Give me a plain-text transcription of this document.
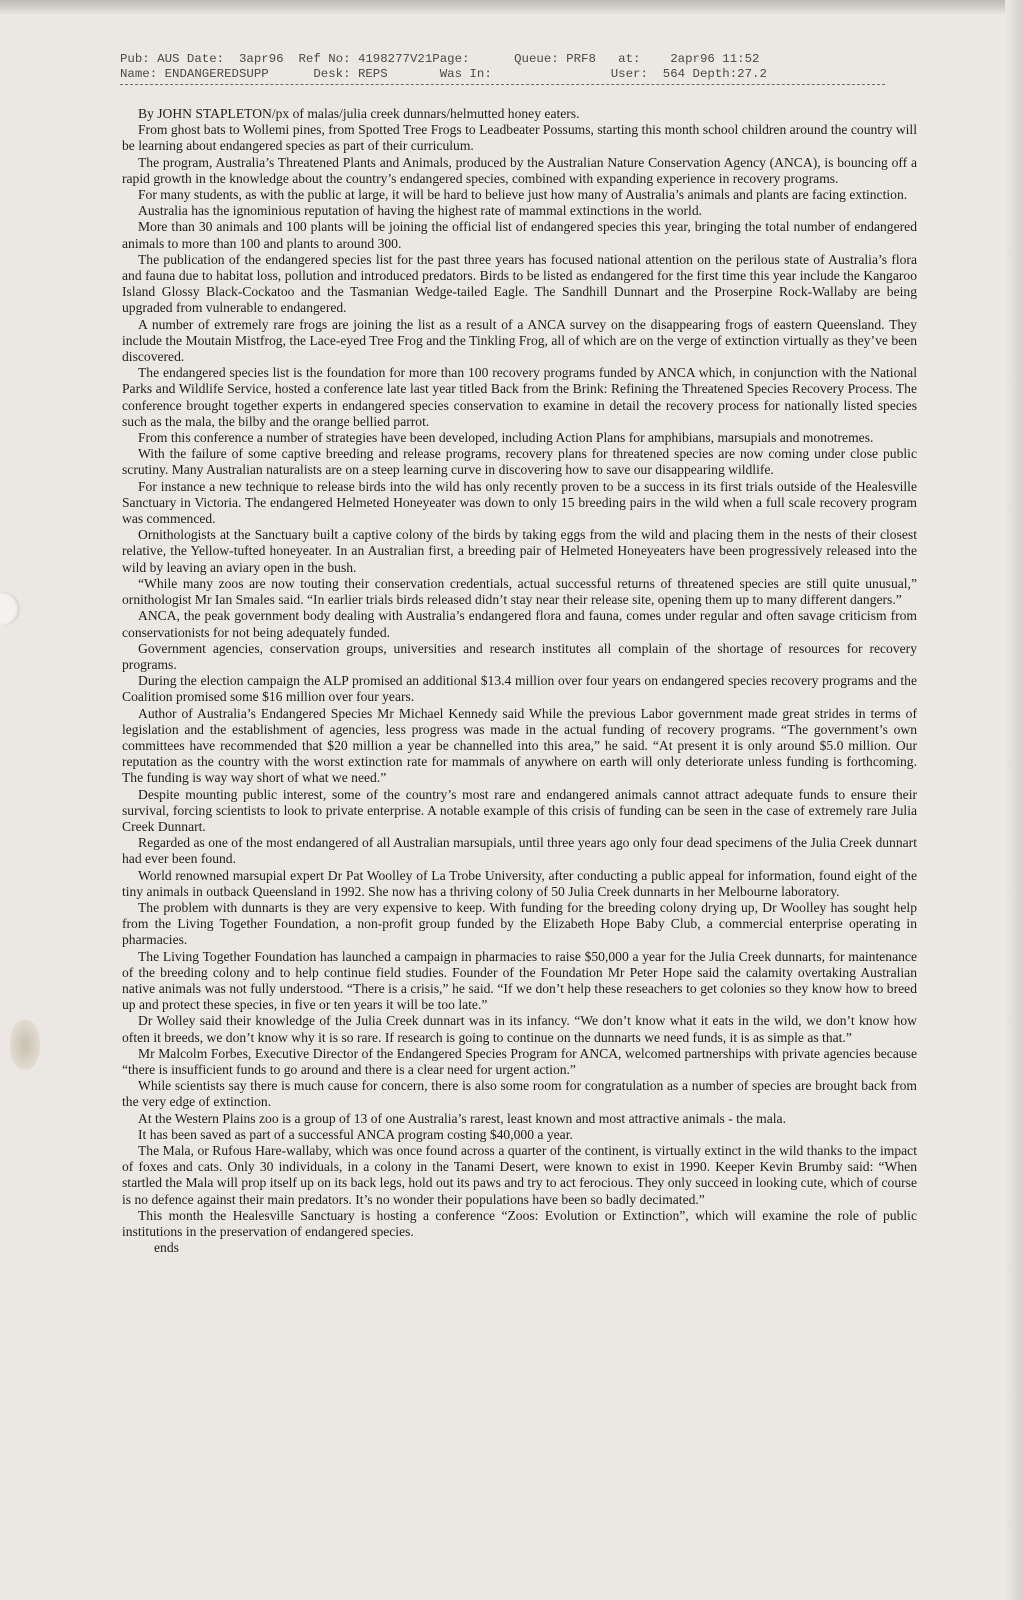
Pub: AUS Date:  3apr96  Ref No: 4198277V21Page:      Queue: PRF8   at:    2apr96 11:52
Name: ENDANGEREDSUPP      Desk: REPS       Was In:                User:  564 Depth:27.2

By JOHN STAPLETON/px of malas/julia creek dunnars/helmutted honey eaters.

From ghost bats to Wollemi pines, from Spotted Tree Frogs to Leadbeater Possums, starting this month school children around the country will be learning about endangered species as part of their curriculum.

The program, Australia’s Threatened Plants and Animals, produced by the Australian Nature Conservation Agency (ANCA), is bouncing off a rapid growth in the knowledge about the country’s endangered species, combined with expanding experience in recovery programs.

For many students, as with the public at large, it will be hard to believe just how many of Australia’s animals and plants are facing extinction.

Australia has the ignominious reputation of having the highest rate of mammal extinctions in the world.

More than 30 animals and 100 plants will be joining the official list of endangered species this year, bringing the total number of endangered animals to more than 100 and plants to around 300.

The publication of the endangered species list for the past three years has focused national attention on the perilous state of Australia’s flora and fauna due to habitat loss, pollution and introduced predators. Birds to be listed as endangered for the first time this year include the Kangaroo Island Glossy Black-Cockatoo and the Tasmanian Wedge-tailed Eagle. The Sandhill Dunnart and the Proserpine Rock-Wallaby are being upgraded from vulnerable to endangered.

A number of extremely rare frogs are joining the list as a result of a ANCA survey on the disappearing frogs of eastern Queensland. They include the Moutain Mistfrog, the Lace-eyed Tree Frog and the Tinkling Frog, all of which are on the verge of extinction virtually as they’ve been discovered.

The endangered species list is the foundation for more than 100 recovery programs funded by ANCA which, in conjunction with the National Parks and Wildlife Service, hosted a conference late last year titled Back from the Brink: Refining the Threatened Species Recovery Process. The conference brought together experts in endangered species conservation to examine in detail the recovery process for nationally listed species such as the mala, the bilby and the orange bellied parrot.

From this conference a number of strategies have been developed, including Action Plans for amphibians, marsupials and monotremes.

With the failure of some captive breeding and release programs, recovery plans for threatened species are now coming under close public scrutiny. Many Australian naturalists are on a steep learning curve in discovering how to save our disappearing wildlife.

For instance a new technique to release birds into the wild has only recently proven to be a success in its first trials outside of the Healesville Sanctuary in Victoria. The endangered Helmeted Honeyeater was down to only 15 breeding pairs in the wild when a full scale recovery program was commenced.

Ornithologists at the Sanctuary built a captive colony of the birds by taking eggs from the wild and placing them in the nests of their closest relative, the Yellow-tufted honeyeater. In an Australian first, a breeding pair of Helmeted Honeyeaters have been progressively released into the wild by leaving an aviary open in the bush.

“While many zoos are now touting their conservation credentials, actual successful returns of threatened species are still quite unusual,” ornithologist Mr Ian Smales said. “In earlier trials birds released didn’t stay near their release site, opening them up to many different dangers.”

ANCA, the peak government body dealing with Australia’s endangered flora and fauna, comes under regular and often savage criticism from conservationists for not being adequately funded.

Government agencies, conservation groups, universities and research institutes all complain of the shortage of resources for recovery programs.

During the election campaign the ALP promised an additional $13.4 million over four years on endangered species recovery programs and the Coalition promised some $16 million over four years.

Author of Australia’s Endangered Species Mr Michael Kennedy said While the previous Labor government made great strides in terms of legislation and the establishment of agencies, less progress was made in the actual funding of recovery programs. “The government’s own committees have recommended that $20 million a year be channelled into this area,” he said. “At present it is only around $5.0 million. Our reputation as the country with the worst extinction rate for mammals of anywhere on earth will only deteriorate unless funding is forthcoming. The funding is way way short of what we need.”

Despite mounting public interest, some of the country’s most rare and endangered animals cannot attract adequate funds to ensure their survival, forcing scientists to look to private enterprise. A notable example of this crisis of funding can be seen in the case of extremely rare Julia Creek Dunnart.

Regarded as one of the most endangered of all Australian marsupials, until three years ago only four dead specimens of the Julia Creek dunnart had ever been found.

World renowned marsupial expert Dr Pat Woolley of La Trobe University, after conducting a public appeal for information, found eight of the tiny animals in outback Queensland in 1992. She now has a thriving colony of 50 Julia Creek dunnarts in her Melbourne laboratory.

The problem with dunnarts is they are very expensive to keep. With funding for the breeding colony drying up, Dr Woolley has sought help from the Living Together Foundation, a non-profit group funded by the Elizabeth Hope Baby Club, a commercial enterprise operating in pharmacies.

The Living Together Foundation has launched a campaign in pharmacies to raise $50,000 a year for the Julia Creek dunnarts, for maintenance of the breeding colony and to help continue field studies. Founder of the Foundation Mr Peter Hope said the calamity overtaking Australian native animals was not fully understood. “There is a crisis,” he said. “If we don’t help these reseachers to get colonies so they know how to breed up and protect these species, in five or ten years it will be too late.”

Dr Wolley said their knowledge of the Julia Creek dunnart was in its infancy. “We don’t know what it eats in the wild, we don’t know how often it breeds, we don’t know why it is so rare. If research is going to continue on the dunnarts we need funds, it is as simple as that.”

Mr Malcolm Forbes, Executive Director of the Endangered Species Program for ANCA, welcomed partnerships with private agencies because “there is insufficient funds to go around and there is a clear need for urgent action.”

While scientists say there is much cause for concern, there is also some room for congratulation as a number of species are brought back from the very edge of extinction.

At the Western Plains zoo is a group of 13 of one Australia’s rarest, least known and most attractive animals - the mala.

It has been saved as part of a successful ANCA program costing $40,000 a year.

The Mala, or Rufous Hare-wallaby, which was once found across a quarter of the continent, is virtually extinct in the wild thanks to the impact of foxes and cats. Only 30 individuals, in a colony in the Tanami Desert, were known to exist in 1990. Keeper Kevin Brumby said: “When startled the Mala will prop itself up on its back legs, hold out its paws and try to act ferocious. They only succeed in looking cute, which of course is no defence against their main predators. It’s no wonder their populations have been so badly decimated.”

This month the Healesville Sanctuary is hosting a conference “Zoos: Evolution or Extinction”, which will examine the role of public institutions in the preservation of endangered species.

ends
